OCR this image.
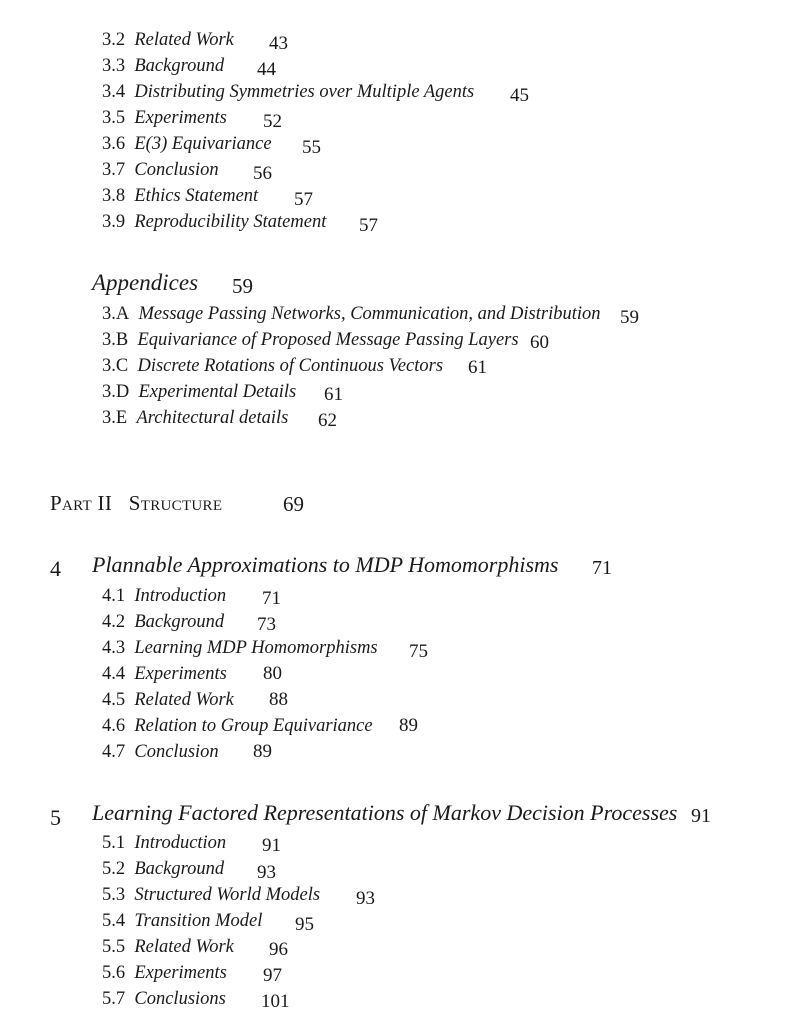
3.2 Related Work 43
3.3 Background 44
3.4 Distributing Symmetries over Multiple Agents 45
3.5 Experiments 52
3.6 E(3) Equivariance 55
3.7 Conclusion 56
3.8 Ethics Statement 57
3.9 Reproducibility Statement 57
Appendices 59
3.A Message Passing Networks, Communication, and Distribution 59
3.B Equivariance of Proposed Message Passing Layers 60
3.C Discrete Rotations of Continuous Vectors 61
3.D Experimental Details 61
3.E Architectural details 62
Part II Structure	69
4 Plannable Approximations to MDP Homomorphisms 71
4.1 Introduction 71
4.2 Background 73
4.3 Learning MDP Homomorphisms 75
4.4 Experiments 80
4.5 Related Work 88
4.6 Relation to Group Equivariance 89
4.7 Conclusion 89
5 Learning Factored Representations of Markov Decision Processes 91
5.1 Introduction 91
5.2 Background 93
5.3 Structured World Models 93
5.4 Transition Model 95
5.5 Related Work 96
5.6 Experiments 97
5.7 Conclusions 101
